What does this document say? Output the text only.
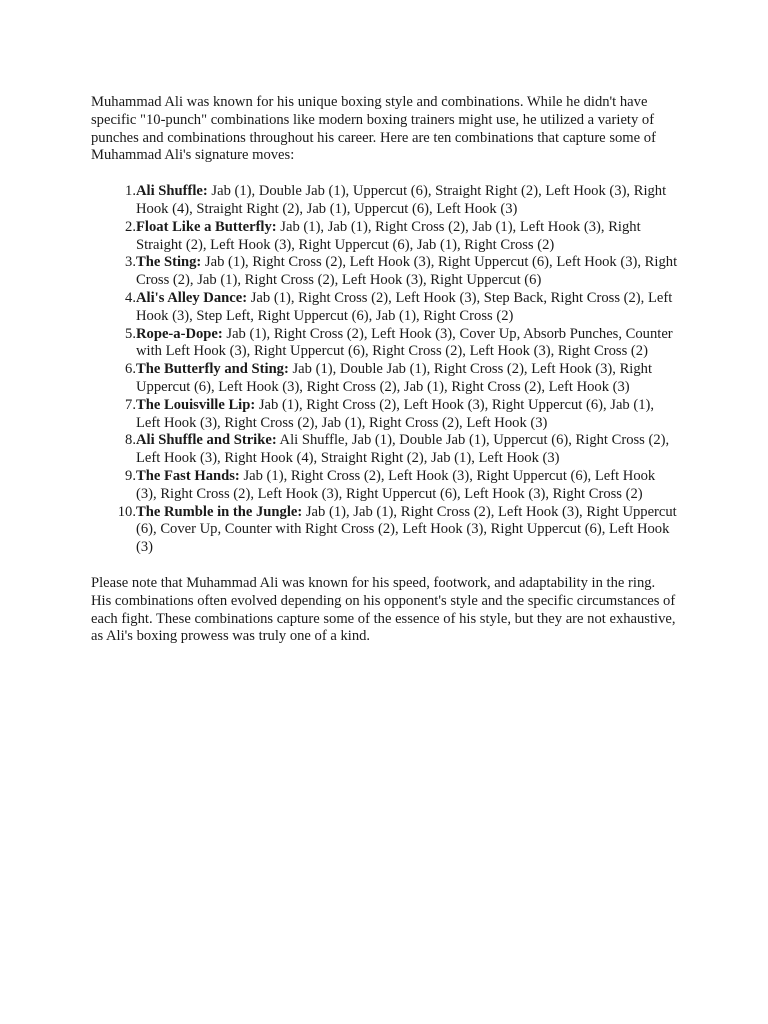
Muhammad Ali was known for his unique boxing style and combinations. While he didn't have specific "10-punch" combinations like modern boxing trainers might use, he utilized a variety of punches and combinations throughout his career. Here are ten combinations that capture some of Muhammad Ali's signature moves:

1. Ali Shuffle: Jab (1), Double Jab (1), Uppercut (6), Straight Right (2), Left Hook (3), Right Hook (4), Straight Right (2), Jab (1), Uppercut (6), Left Hook (3)
2. Float Like a Butterfly: Jab (1), Jab (1), Right Cross (2), Jab (1), Left Hook (3), Right Straight (2), Left Hook (3), Right Uppercut (6), Jab (1), Right Cross (2)
3. The Sting: Jab (1), Right Cross (2), Left Hook (3), Right Uppercut (6), Left Hook (3), Right Cross (2), Jab (1), Right Cross (2), Left Hook (3), Right Uppercut (6)
4. Ali's Alley Dance: Jab (1), Right Cross (2), Left Hook (3), Step Back, Right Cross (2), Left Hook (3), Step Left, Right Uppercut (6), Jab (1), Right Cross (2)
5. Rope-a-Dope: Jab (1), Right Cross (2), Left Hook (3), Cover Up, Absorb Punches, Counter with Left Hook (3), Right Uppercut (6), Right Cross (2), Left Hook (3), Right Cross (2)
6. The Butterfly and Sting: Jab (1), Double Jab (1), Right Cross (2), Left Hook (3), Right Uppercut (6), Left Hook (3), Right Cross (2), Jab (1), Right Cross (2), Left Hook (3)
7. The Louisville Lip: Jab (1), Right Cross (2), Left Hook (3), Right Uppercut (6), Jab (1), Left Hook (3), Right Cross (2), Jab (1), Right Cross (2), Left Hook (3)
8. Ali Shuffle and Strike: Ali Shuffle, Jab (1), Double Jab (1), Uppercut (6), Right Cross (2), Left Hook (3), Right Hook (4), Straight Right (2), Jab (1), Left Hook (3)
9. The Fast Hands: Jab (1), Right Cross (2), Left Hook (3), Right Uppercut (6), Left Hook (3), Right Cross (2), Left Hook (3), Right Uppercut (6), Left Hook (3), Right Cross (2)
10. The Rumble in the Jungle: Jab (1), Jab (1), Right Cross (2), Left Hook (3), Right Uppercut (6), Cover Up, Counter with Right Cross (2), Left Hook (3), Right Uppercut (6), Left Hook (3)

Please note that Muhammad Ali was known for his speed, footwork, and adaptability in the ring. His combinations often evolved depending on his opponent's style and the specific circumstances of each fight. These combinations capture some of the essence of his style, but they are not exhaustive, as Ali's boxing prowess was truly one of a kind.
